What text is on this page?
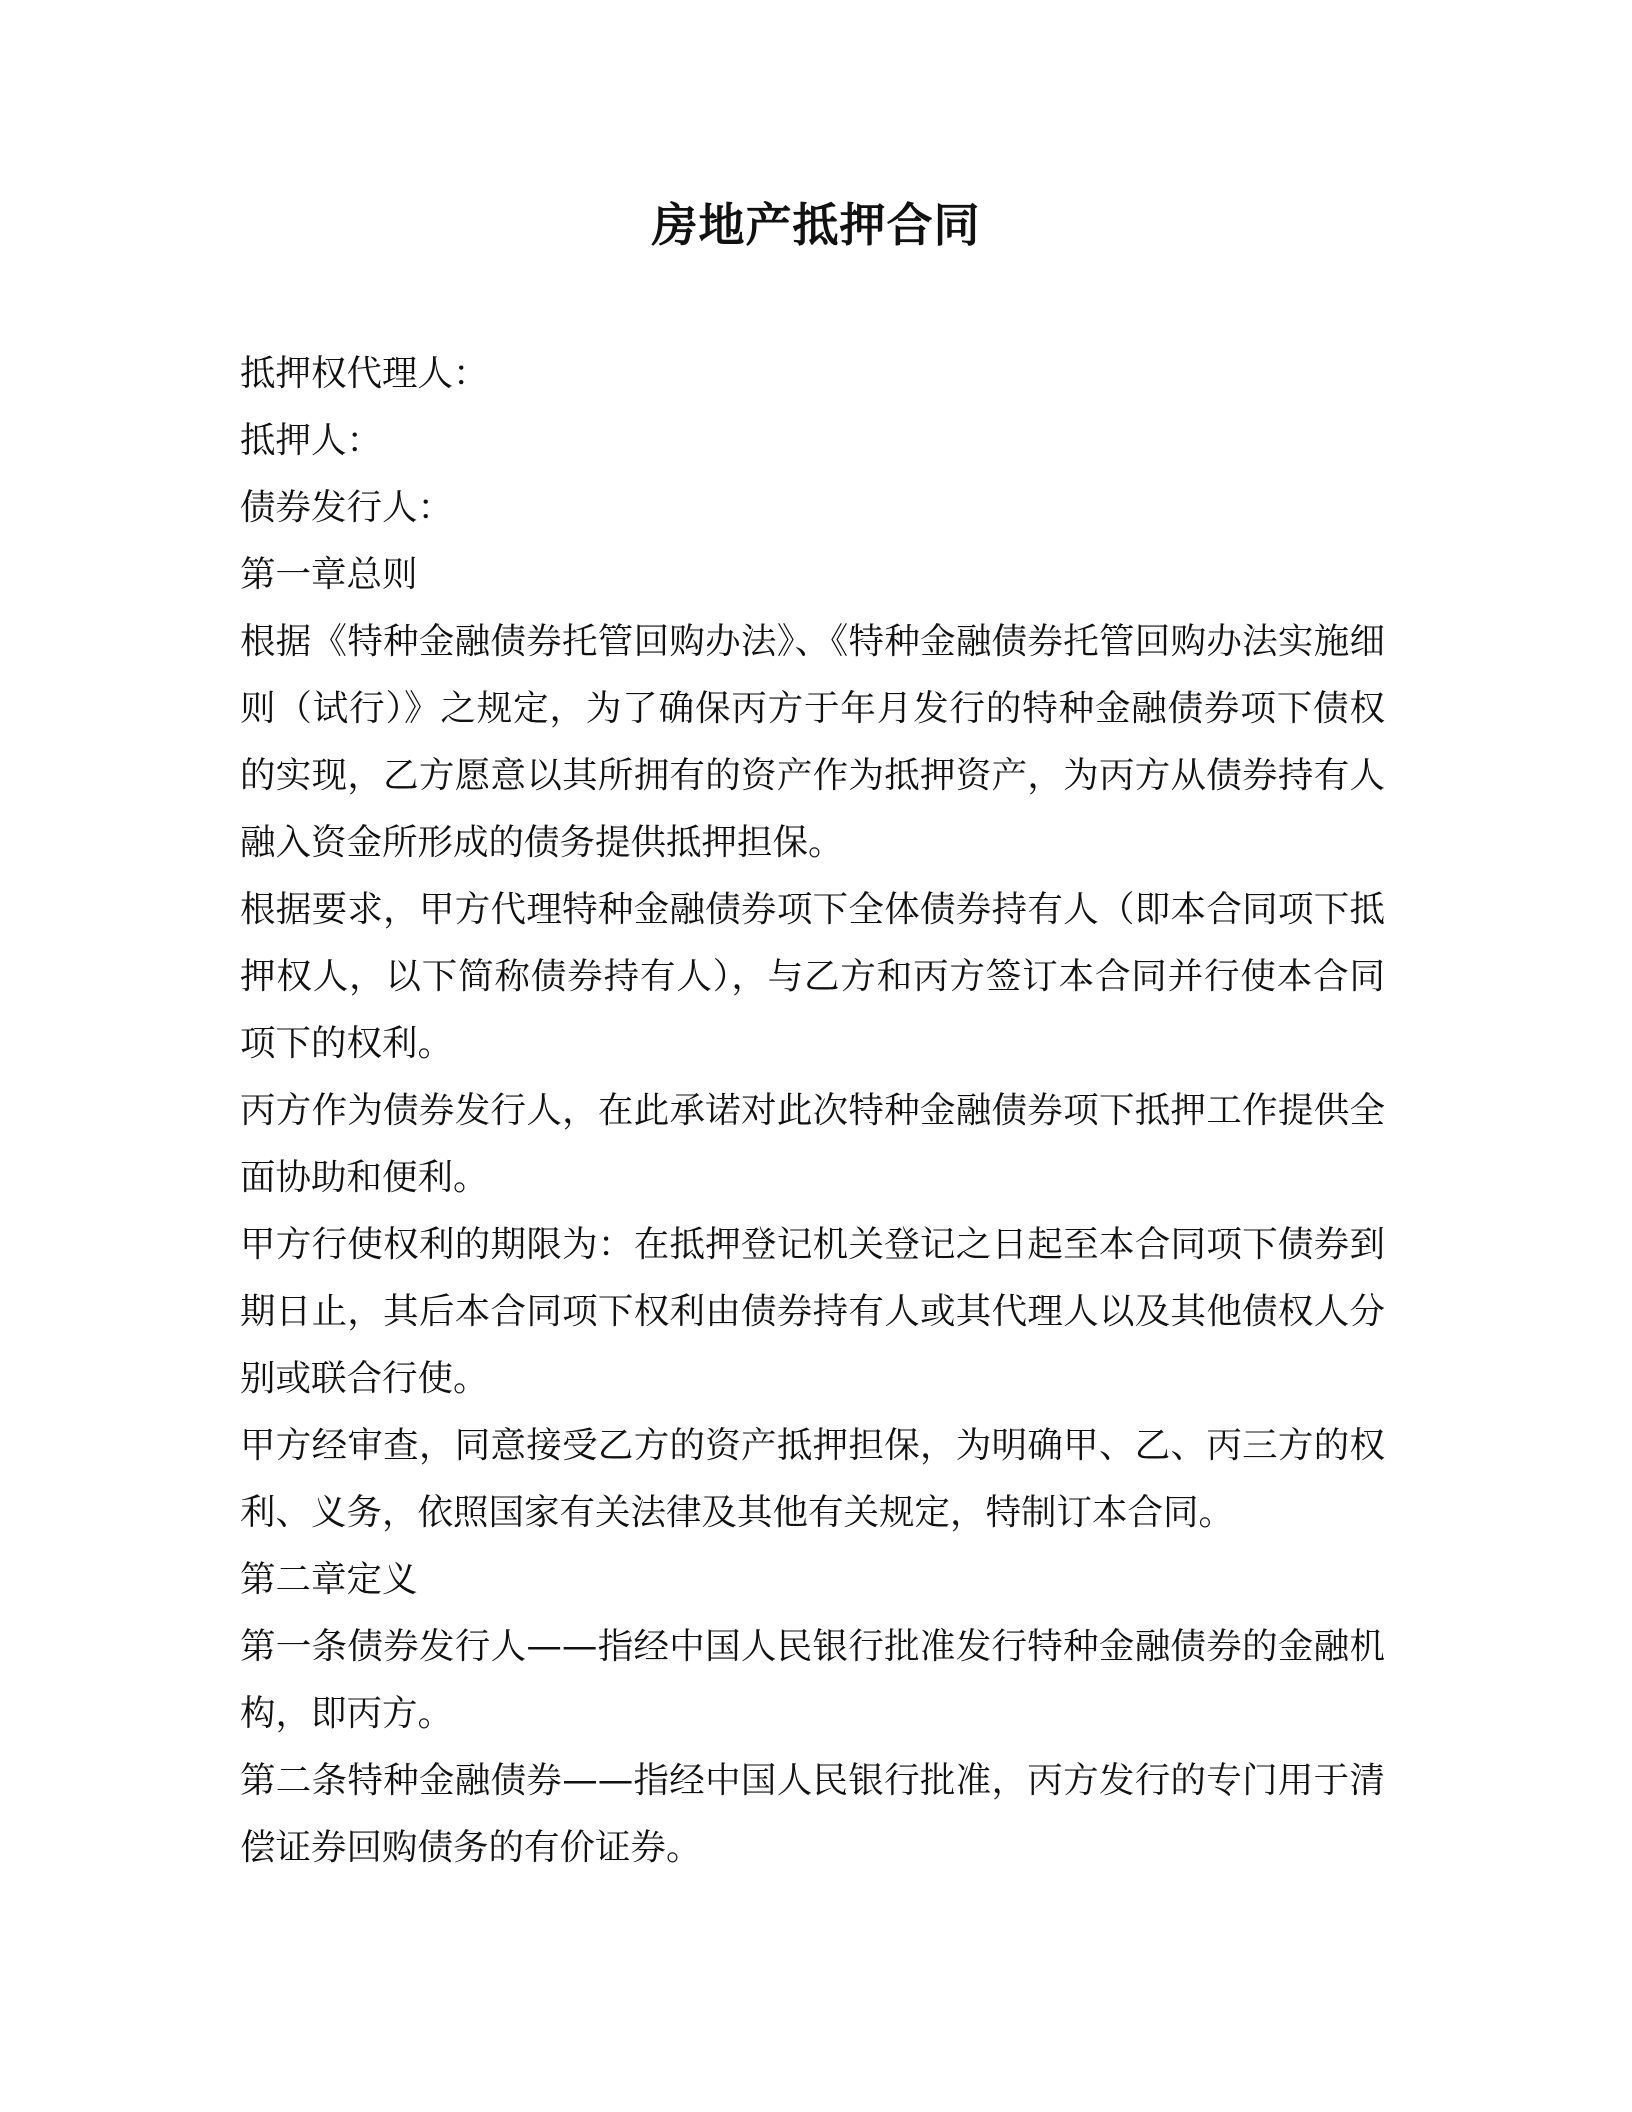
房地产抵押合同

抵押权代理人：

抵押人：

债券发行人：

第一章总则

根据《特种金融债券托管回购办法》、《特种金融债券托管回购办法实施细则（试行）》之规定，为了确保丙方于年月发行的特种金融债券项下债权的实现，乙方愿意以其所拥有的资产作为抵押资产，为丙方从债券持有人融入资金所形成的债务提供抵押担保。

根据要求，甲方代理特种金融债券项下全体债券持有人（即本合同项下抵押权人，以下简称债券持有人），与乙方和丙方签订本合同并行使本合同项下的权利。

丙方作为债券发行人，在此承诺对此次特种金融债券项下抵押工作提供全面协助和便利。

甲方行使权利的期限为：在抵押登记机关登记之日起至本合同项下债券到期日止，其后本合同项下权利由债券持有人或其代理人以及其他债权人分别或联合行使。

甲方经审查，同意接受乙方的资产抵押担保，为明确甲、乙、丙三方的权利、义务，依照国家有关法律及其他有关规定，特制订本合同。

第二章定义

第一条债券发行人——指经中国人民银行批准发行特种金融债券的金融机构，即丙方。

第二条特种金融债券——指经中国人民银行批准，丙方发行的专门用于清偿证券回购债务的有价证券。
